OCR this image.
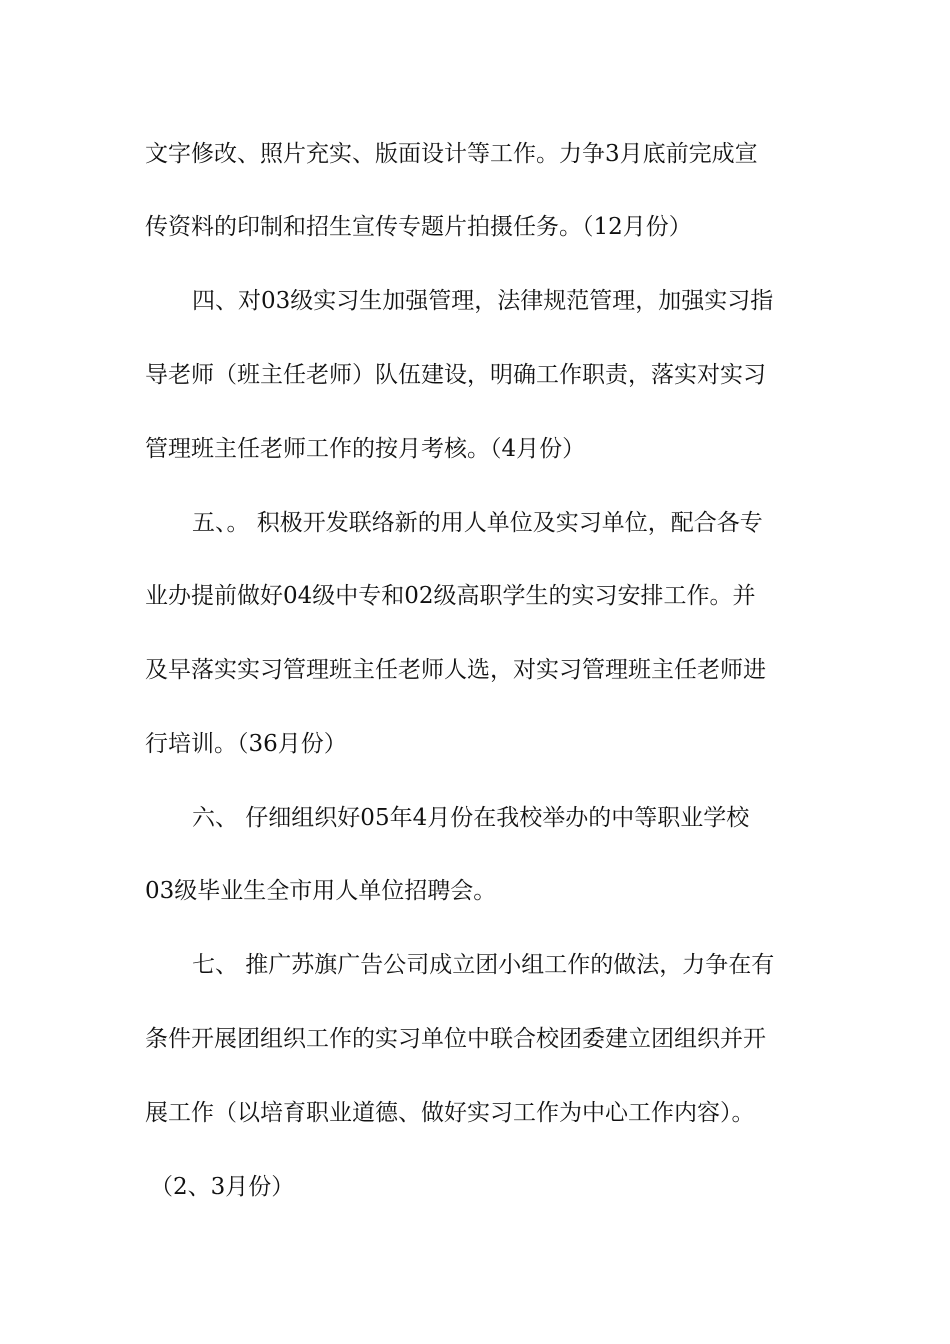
文字修改、照片充实、版面设计等工作。力争3月底前完成宣

传资料的印制和招生宣传专题片拍摄任务。（12月份）

四、对03级实习生加强管理，法律规范管理，加强实习指

导老师（班主任老师）队伍建设，明确工作职责，落实对实习

管理班主任老师工作的按月考核。（4月份）

五、。 积极开发联络新的用人单位及实习单位，配合各专

业办提前做好04级中专和02级高职学生的实习安排工作。并

及早落实实习管理班主任老师人选，对实习管理班主任老师进

行培训。（36月份）

六、 仔细组织好05年4月份在我校举办的中等职业学校

03级毕业生全市用人单位招聘会。

七、 推广苏旗广告公司成立团小组工作的做法，力争在有

条件开展团组织工作的实习单位中联合校团委建立团组织并开

展工作（以培育职业道德、做好实习工作为中心工作内容）。

（2、3月份）
